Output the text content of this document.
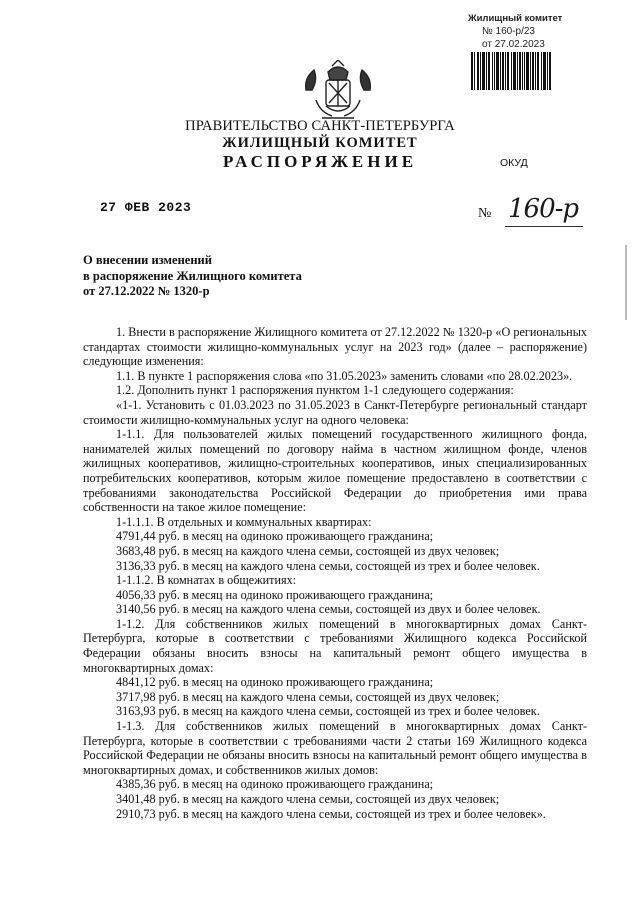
Жилищный комитет
№ 160-р/23
от 27.02.2023
ПРАВИТЕЛЬСТВО САНКТ-ПЕТЕРБУРГА
ЖИЛИЩНЫЙ КОМИТЕТ
РАСПОРЯЖЕНИЕ	ОКУД
27 ФЕВ 2023	№ 160-р
О внесении изменений
в распоряжение Жилищного комитета
от 27.12.2022 № 1320-р

1. Внести в распоряжение Жилищного комитета от 27.12.2022 № 1320-р «О региональных стандартах стоимости жилищно-коммунальных услуг на 2023 год» (далее – распоряжение) следующие изменения:

1.1. В пункте 1 распоряжения слова «по 31.05.2023» заменить словами «по 28.02.2023».

1.2. Дополнить пункт 1 распоряжения пунктом 1-1 следующего содержания:

«1-1. Установить с 01.03.2023 по 31.05.2023 в Санкт-Петербурге региональный стандарт стоимости жилищно-коммунальных услуг на одного человека:

1-1.1. Для пользователей жилых помещений государственного жилищного фонда, нанимателей жилых помещений по договору найма в частном жилищном фонде, членов жилищных кооперативов, жилищно-строительных кооперативов, иных специализированных потребительских кооперативов, которым жилое помещение предоставлено в соответствии с требованиями законодательства Российской Федерации до приобретения ими права собственности на такое жилое помещение:

1-1.1.1. В отдельных и коммунальных квартирах:

4791,44 руб. в месяц на одиноко проживающего гражданина;

3683,48 руб. в месяц на каждого члена семьи, состоящей из двух человек;

3136,33 руб. в месяц на каждого члена семьи, состоящей из трех и более человек.

1-1.1.2. В комнатах в общежитиях:

4056,33 руб. в месяц на одиноко проживающего гражданина;

3140,56 руб. в месяц на каждого члена семьи, состоящей из двух и более человек.

1-1.2. Для собственников жилых помещений в многоквартирных домах Санкт-Петербурга, которые в соответствии с требованиями Жилищного кодекса Российской Федерации обязаны вносить взносы на капитальный ремонт общего имущества в многоквартирных домах:

4841,12 руб. в месяц на одиноко проживающего гражданина;

3717,98 руб. в месяц на каждого члена семьи, состоящей из двух человек;

3163,93 руб. в месяц на каждого члена семьи, состоящей из трех и более человек.

1-1.3. Для собственников жилых помещений в многоквартирных домах Санкт-Петербурга, которые в соответствии с требованиями части 2 статьи 169 Жилищного кодекса Российской Федерации не обязаны вносить взносы на капитальный ремонт общего имущества в многоквартирных домах, и собственников жилых домов:

4385,36 руб. в месяц на одиноко проживающего гражданина;

3401,48 руб. в месяц на каждого члена семьи, состоящей из двух человек;

2910,73 руб. в месяц на каждого члена семьи, состоящей из трех и более человек».
